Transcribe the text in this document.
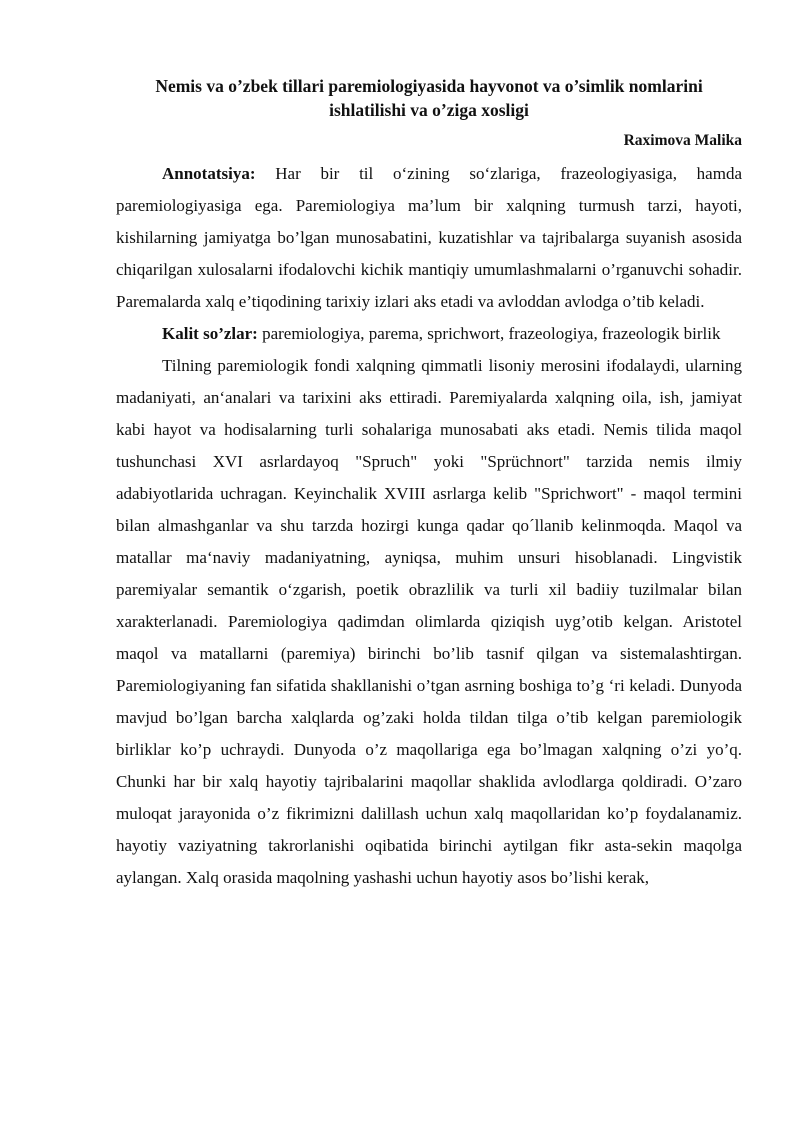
Nemis va o’zbek tillari paremiologiyasida hayvonot va o’simlik nomlarini ishlatilishi va o’ziga xosligi

Raximova Malika

Annotatsiya: Har bir til o‘zining so‘zlariga, frazeologiyasiga, hamda paremiologiyasiga ega. Paremiologiya ma’lum bir xalqning turmush tarzi, hayoti, kishilarning jamiyatga bo’lgan munosabatini, kuzatishlar va tajribalarga suyanish asosida chiqarilgan xulosalarni ifodalovchi kichik mantiqiy umumlashmalarni o’rganuvchi sohadir. Paremalarda xalq e’tiqodining tarixiy izlari aks etadi va avloddan avlodga o’tib keladi.

Kalit so’zlar: paremiologiya, parema, sprichwort, frazeologiya, frazeologik birlik

Tilning paremiologik fondi xalqning qimmatli lisoniy merosini ifodalaydi, ularning madaniyati, an‘analari va tarixini aks ettiradi. Paremiyalarda xalqning oila, ish, jamiyat kabi hayot va hodisalarning turli sohalariga munosabati aks etadi. Nemis tilida maqol tushunchasi XVI asrlardayoq "Spruch" yoki "Sprüchnort" tarzida nemis ilmiy adabiyotlarida uchragan. Keyinchalik XVIII asrlarga kelib "Sprichwort" - maqol termini bilan almashganlar va shu tarzda hozirgi kunga qadar qo´llanib kelinmoqda. Maqol va matallar ma‘naviy madaniyatning, ayniqsa, muhim unsuri hisoblanadi. Lingvistik paremiyalar semantik o‘zgarish, poetik obrazlilik va turli xil badiiy tuzilmalar bilan xarakterlanadi. Paremiologiya qadimdan olimlarda qiziqish uyg’otib kelgan. Aristotel maqol va matallarni (paremiya) birinchi bo’lib tasnif qilgan va sistemalashtirgan. Paremiologiyaning fan sifatida shakllanishi o’tgan asrning boshiga to’g ‘ri keladi. Dunyoda mavjud bo’lgan barcha xalqlarda og’zaki holda tildan tilga o’tib kelgan paremiologik birliklar ko’p uchraydi. Dunyoda o’z maqollariga ega bo’lmagan xalqning o’zi yo’q. Chunki har bir xalq hayotiy tajribalarini maqollar shaklida avlodlarga qoldiradi. O’zaro muloqat jarayonida o’z fikrimizni dalillash uchun xalq maqollaridan ko’p foydalanamiz. hayotiy vaziyatning takrorlanishi oqibatida birinchi aytilgan fikr asta-sekin maqolga aylangan. Xalq orasida maqolning yashashi uchun hayotiy asos bo’lishi kerak,
